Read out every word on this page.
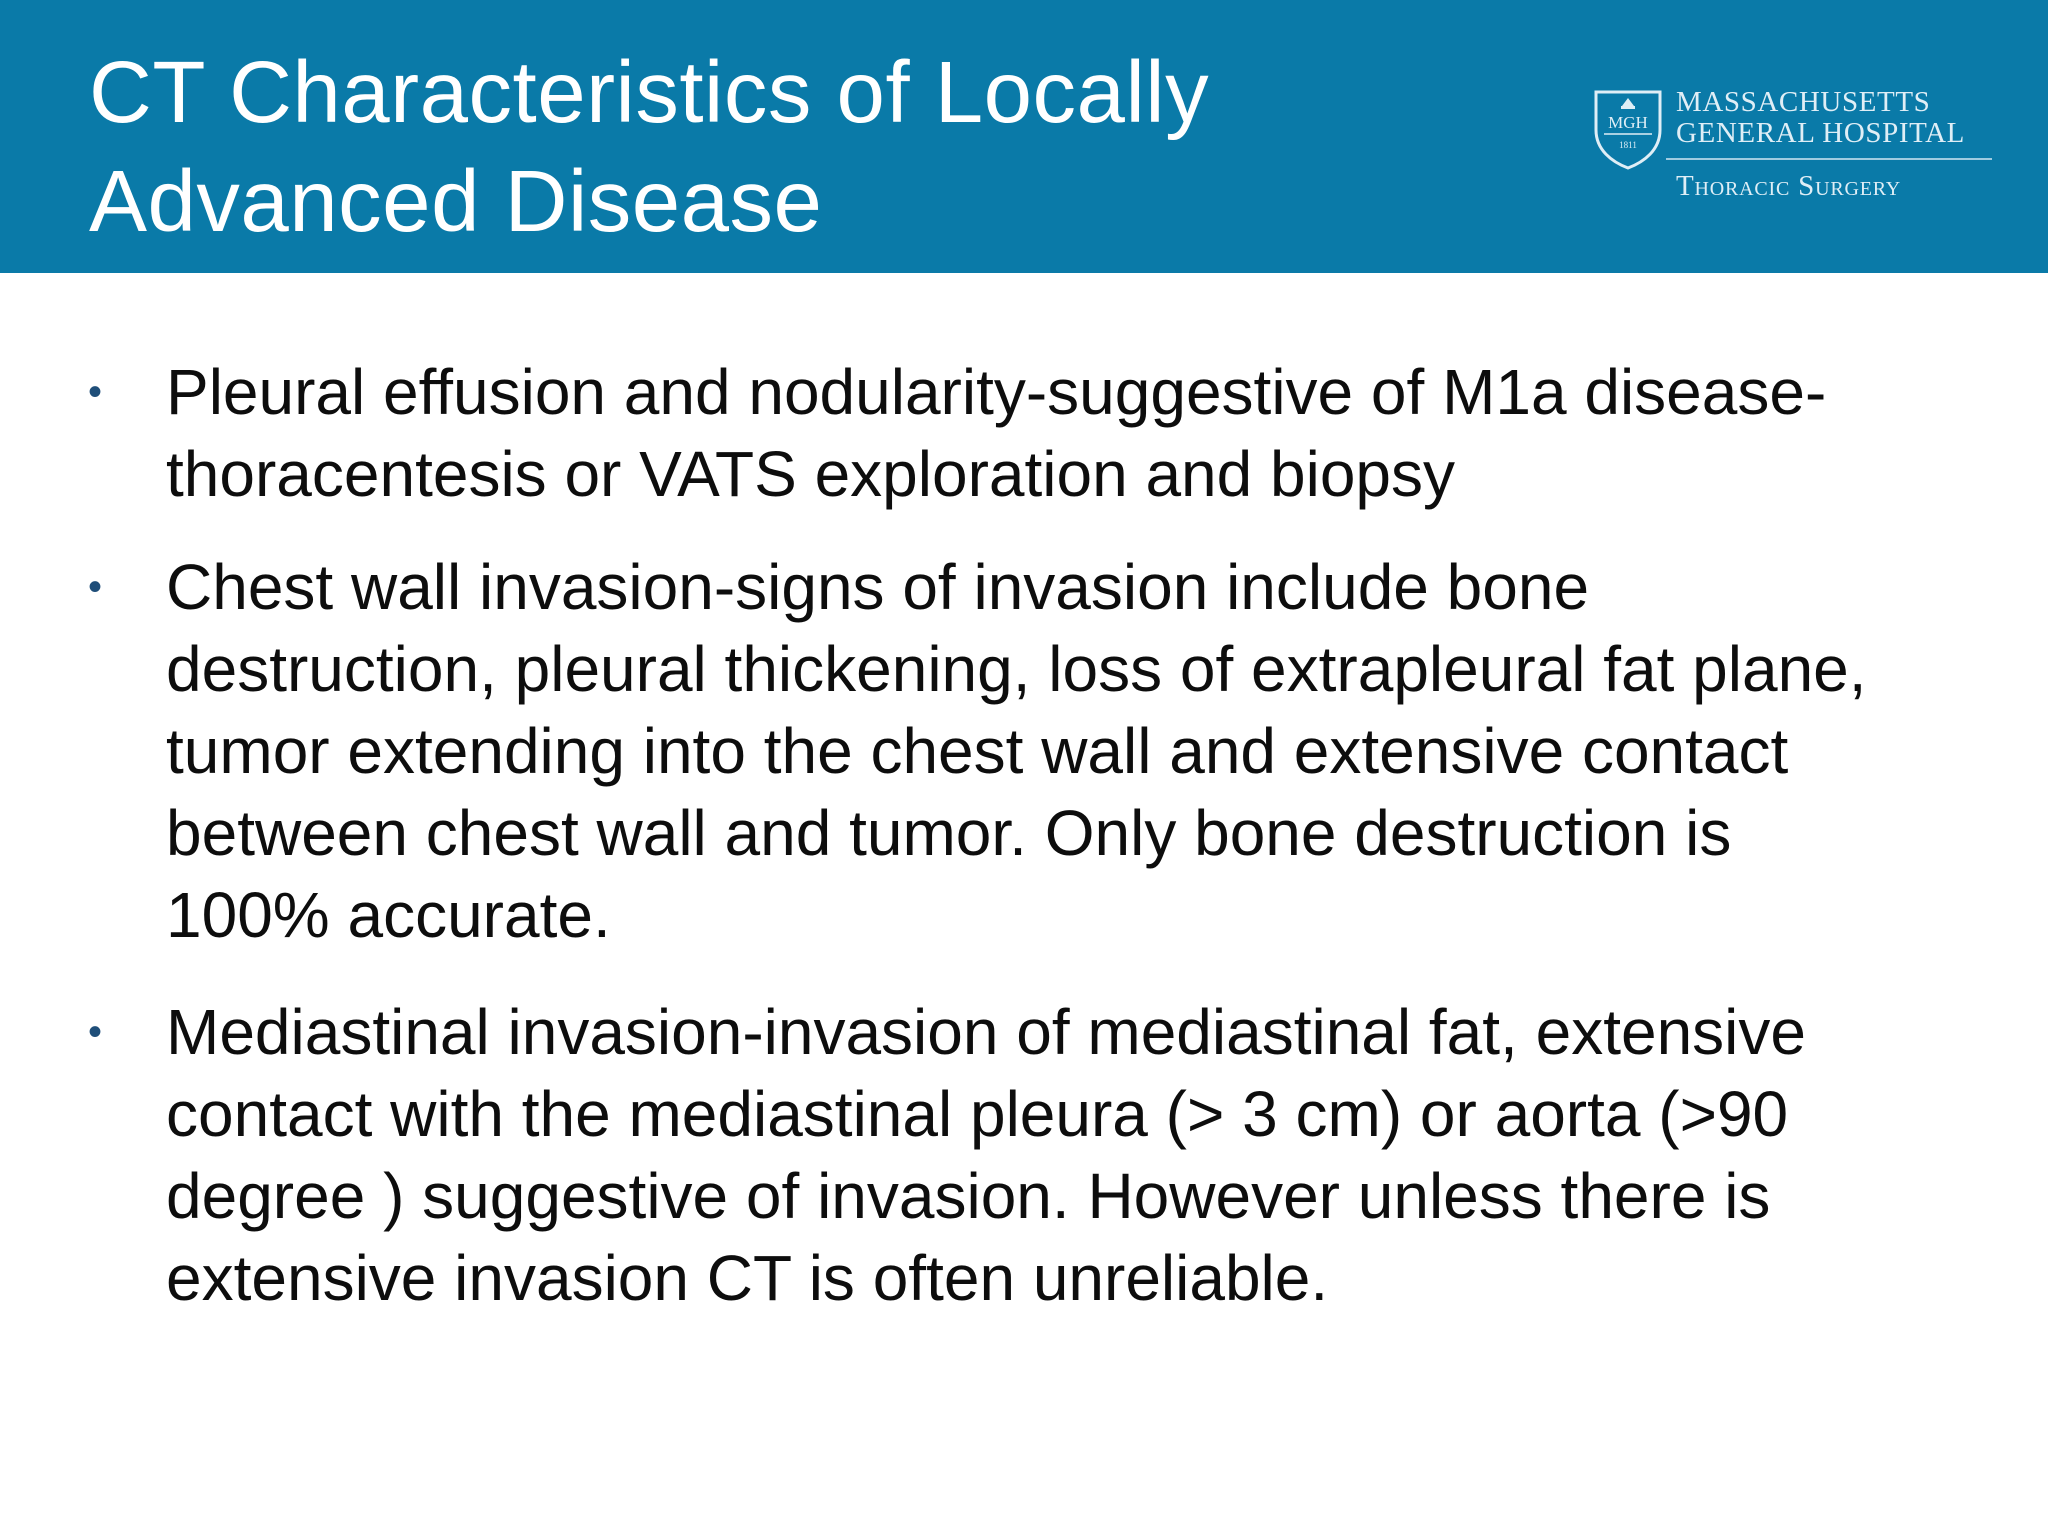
CT Characteristics of Locally
Advanced Disease
MGH
1811
MASSACHUSETTS
GENERAL HOSPITAL
Thoracic Surgery
• Pleural effusion and nodularity-suggestive of M1a disease-
thoracentesis or VATS exploration and biopsy
• Chest wall invasion-signs of invasion include bone
destruction, pleural thickening, loss of extrapleural fat plane,
tumor extending into the chest wall and extensive contact
between chest wall and tumor. Only bone destruction is
100% accurate.
• Mediastinal invasion-invasion of mediastinal fat, extensive
contact with the mediastinal pleura (> 3 cm) or aorta (>90
degree ) suggestive of invasion. However unless there is
extensive invasion CT is often unreliable.
